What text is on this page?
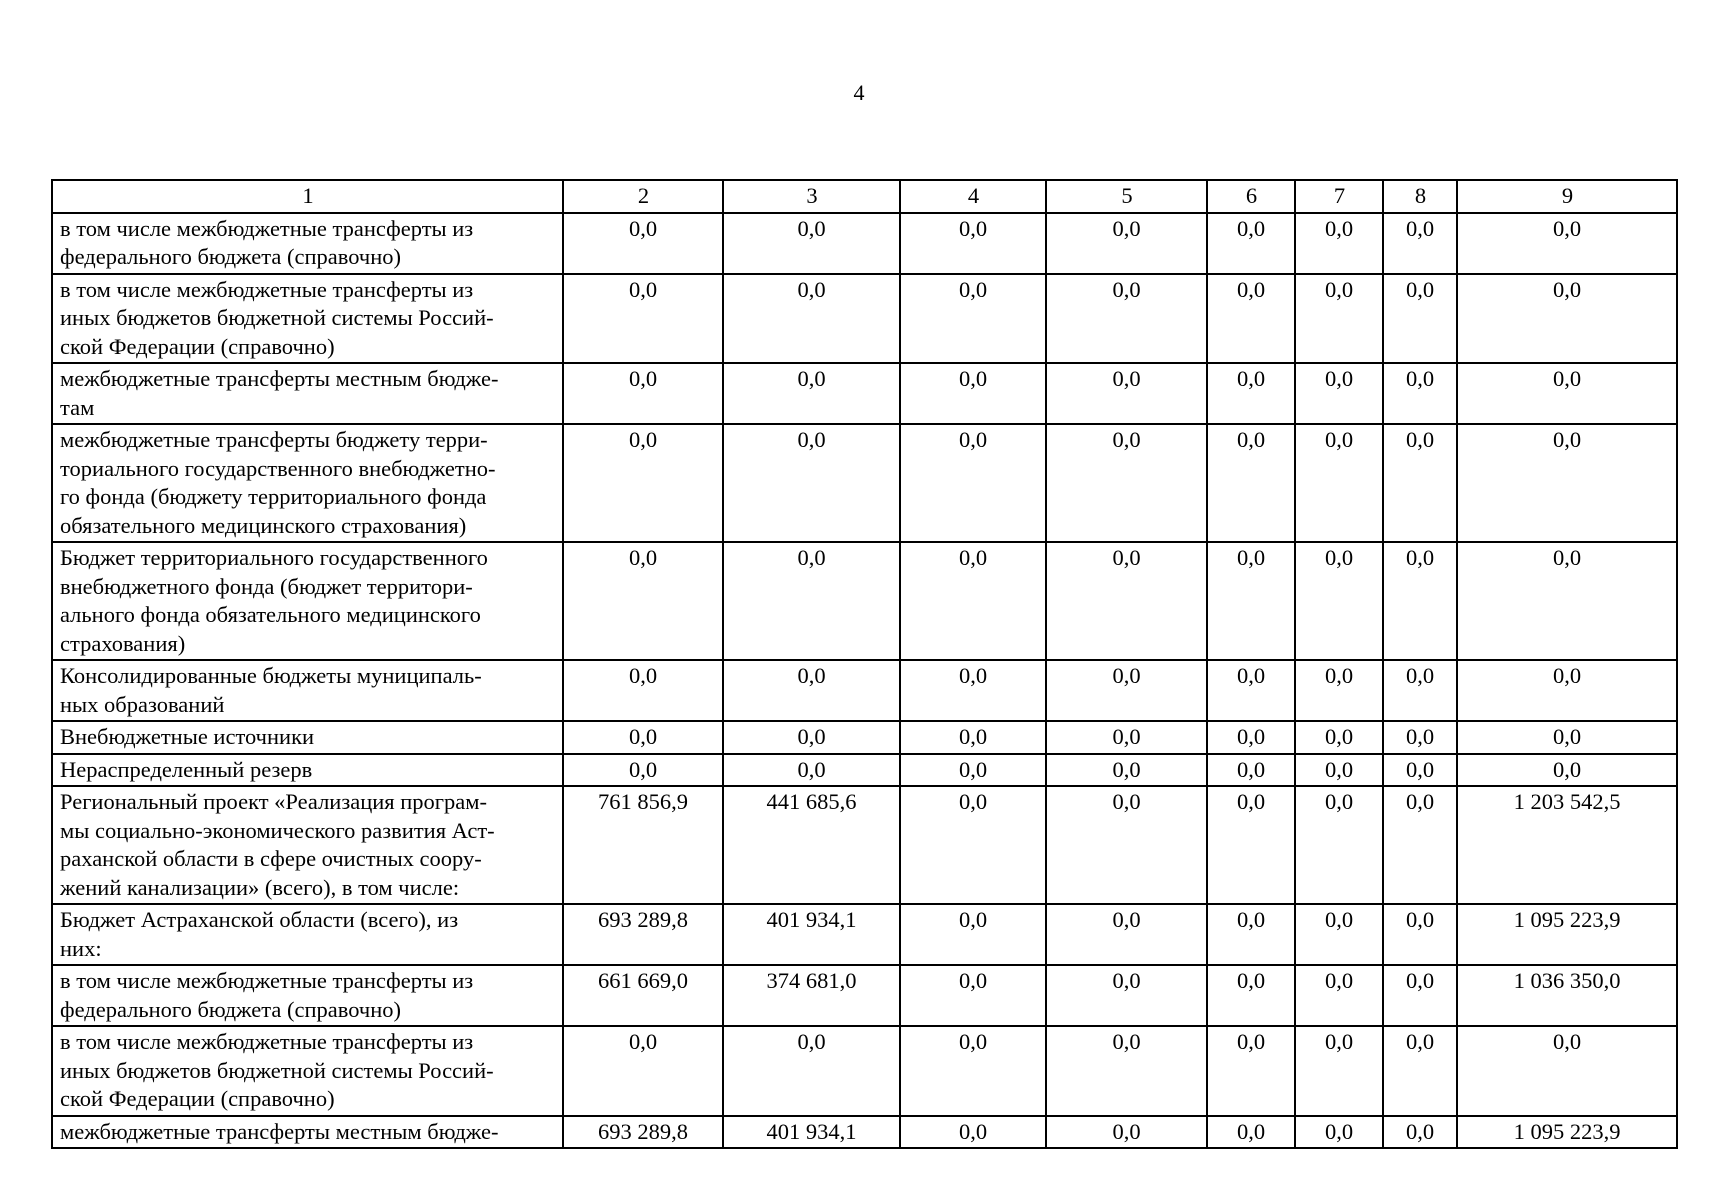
4
1	2	3	4	5	6	7	8	9
в том числе межбюджетные трансферты из
федерального бюджета (справочно)	0,0	0,0	0,0	0,0	0,0	0,0	0,0	0,0
в том числе межбюджетные трансферты из
иных бюджетов бюджетной системы Россий-
ской Федерации (справочно)	0,0	0,0	0,0	0,0	0,0	0,0	0,0	0,0
межбюджетные трансферты местным бюдже-
там	0,0	0,0	0,0	0,0	0,0	0,0	0,0	0,0
межбюджетные трансферты бюджету терри-
ториального государственного внебюджетно-
го фонда (бюджету территориального фонда
обязательного медицинского страхования)	0,0	0,0	0,0	0,0	0,0	0,0	0,0	0,0
Бюджет территориального государственного
внебюджетного фонда (бюджет территори-
ального фонда обязательного медицинского
страхования)	0,0	0,0	0,0	0,0	0,0	0,0	0,0	0,0
Консолидированные бюджеты муниципаль-
ных образований	0,0	0,0	0,0	0,0	0,0	0,0	0,0	0,0
Внебюджетные источники	0,0	0,0	0,0	0,0	0,0	0,0	0,0	0,0
Нераспределенный резерв	0,0	0,0	0,0	0,0	0,0	0,0	0,0	0,0
Региональный проект «Реализация програм-
мы социально-экономического развития Аст-
раханской области в сфере очистных соору-
жений канализации» (всего), в том числе:	761 856,9	441 685,6	0,0	0,0	0,0	0,0	0,0	1 203 542,5
Бюджет Астраханской области (всего), из
них:	693 289,8	401 934,1	0,0	0,0	0,0	0,0	0,0	1 095 223,9
в том числе межбюджетные трансферты из
федерального бюджета (справочно)	661 669,0	374 681,0	0,0	0,0	0,0	0,0	0,0	1 036 350,0
в том числе межбюджетные трансферты из
иных бюджетов бюджетной системы Россий-
ской Федерации (справочно)	0,0	0,0	0,0	0,0	0,0	0,0	0,0	0,0
межбюджетные трансферты местным бюдже-	693 289,8	401 934,1	0,0	0,0	0,0	0,0	0,0	1 095 223,9
